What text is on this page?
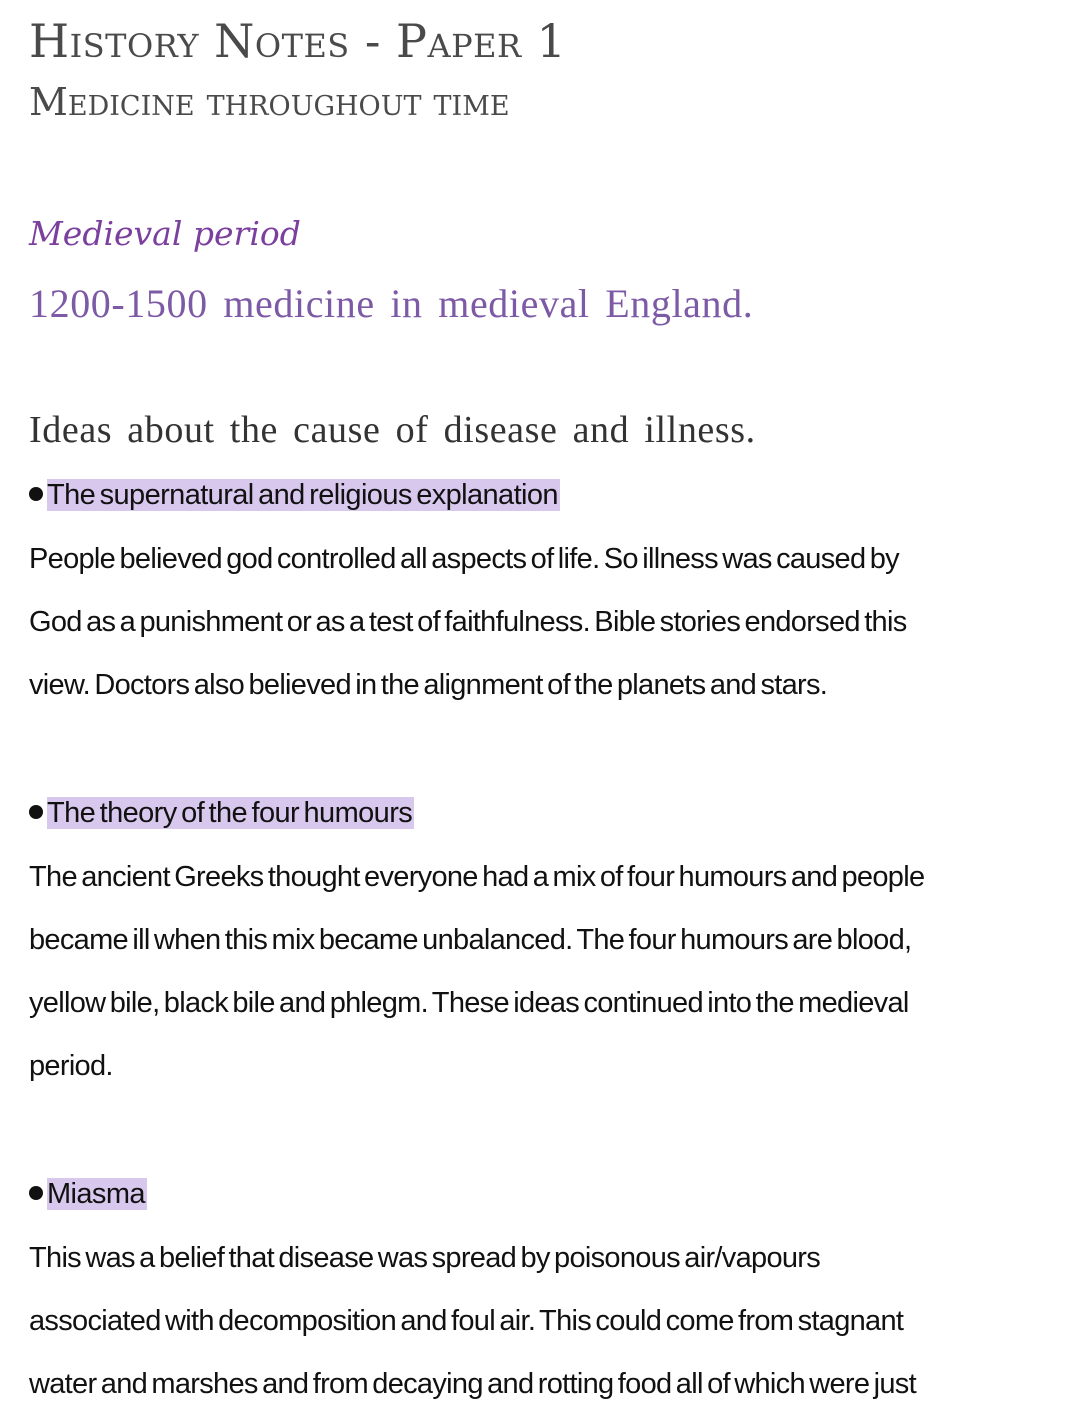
History Notes - Paper 1
Medicine throughout time
Medieval period
1200-1500 medicine in medieval England.
Ideas about the cause of disease and illness.
The supernatural and religious explanation
People believed god controlled all aspects of life. So illness was caused by
God as a punishment or as a test of faithfulness. Bible stories endorsed this
view. Doctors also believed in the alignment of the planets and stars.
The theory of the four humours
The ancient Greeks thought everyone had a mix of four humours and people
became ill when this mix became unbalanced. The four humours are blood,
yellow bile, black bile and phlegm. These ideas continued into the medieval
period.
Miasma
This was a belief that disease was spread by poisonous air/vapours
associated with decomposition and foul air. This could come from stagnant
water and marshes and from decaying and rotting food all of which were just
